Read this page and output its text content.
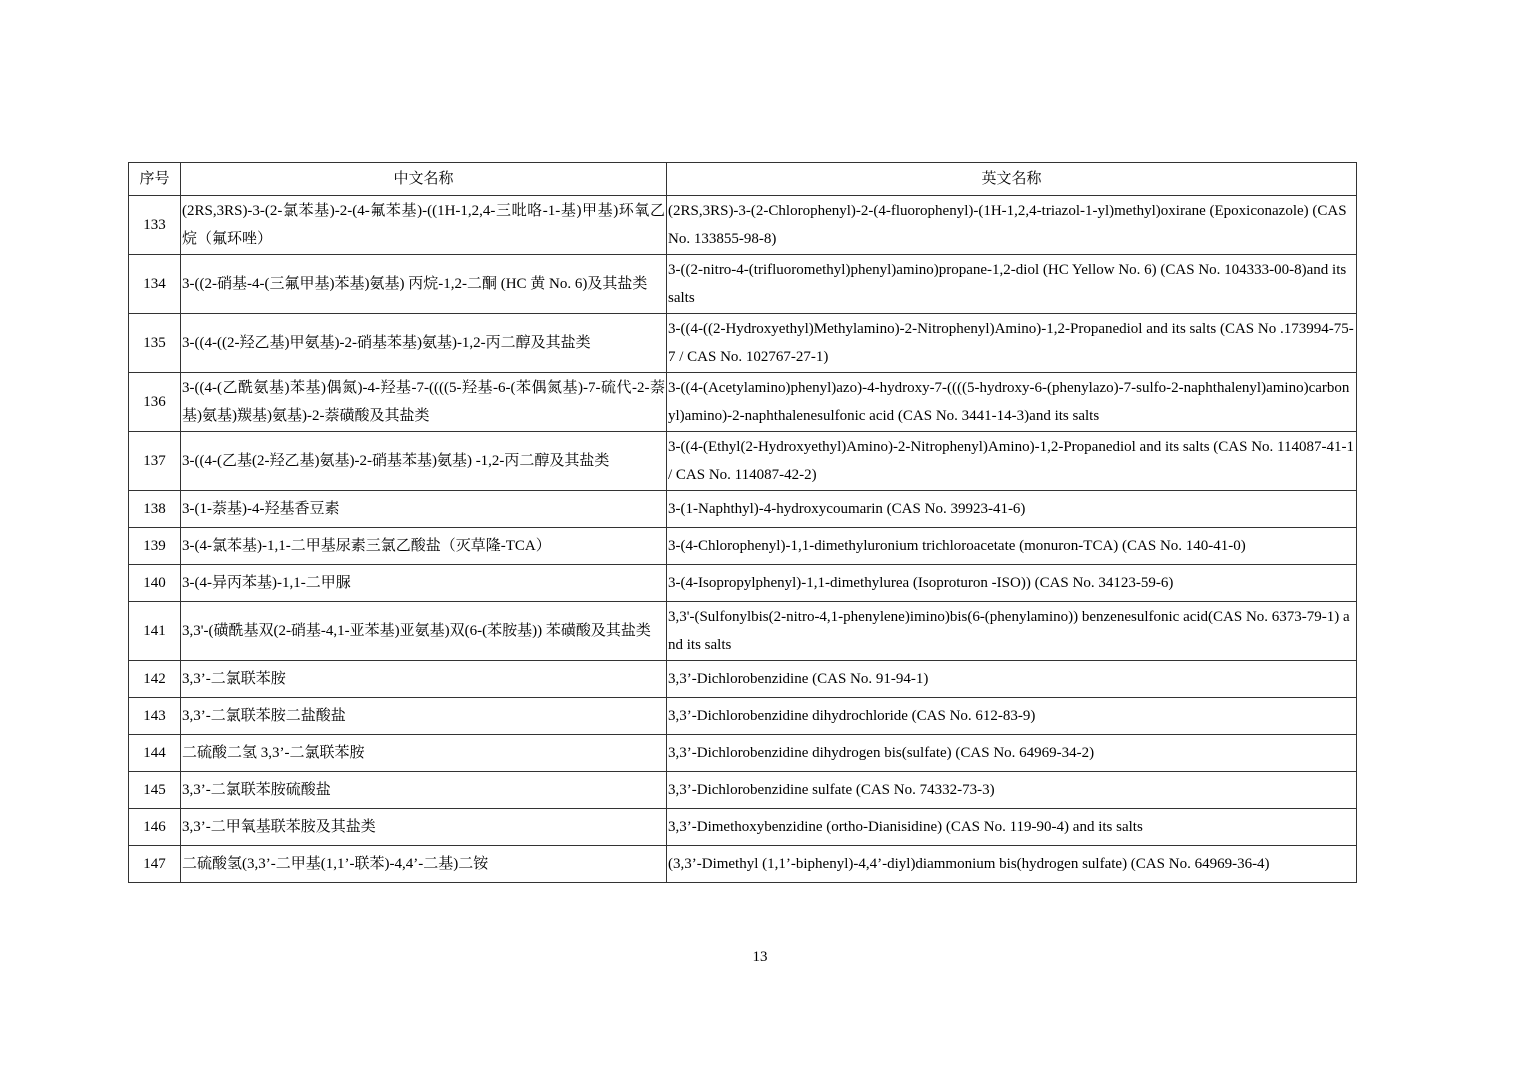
序号	中文名称	英文名称
133	(2RS,3RS)-3-(2-氯苯基)-2-(4-氟苯基)-((1H-1,2,4-三吡咯-1-基)甲基)环氧乙烷（氟环唑）	(2RS,3RS)-3-(2-Chlorophenyl)-2-(4-fluorophenyl)-(1H-1,2,4-triazol-1-yl)methyl)oxirane (Epoxiconazole) (CAS No. 133855-98-8)
134	3-((2-硝基-4-(三氟甲基)苯基)氨基) 丙烷-1,2-二酮 (HC 黄 No. 6)及其盐类	3-((2-nitro-4-(trifluoromethyl)phenyl)amino)propane-1,2-diol (HC Yellow No. 6) (CAS No. 104333-00-8)and its salts
135	3-((4-((2-羟乙基)甲氨基)-2-硝基苯基)氨基)-1,2-丙二醇及其盐类	3-((4-((2-Hydroxyethyl)Methylamino)-2-Nitrophenyl)Amino)-1,2-Propanediol and its salts (CAS No .173994-75-7 / CAS No. 102767-27-1)
136	3-((4-(乙酰氨基)苯基)偶氮)-4-羟基-7-((((5-羟基-6-(苯偶氮基)-7-硫代-2-萘基)氨基)羰基)氨基)-2-萘磺酸及其盐类	3-((4-(Acetylamino)phenyl)azo)-4-hydroxy-7-((((5-hydroxy-6-(phenylazo)-7-sulfo-2-naphthalenyl)amino)carbonyl)amino)-2-naphthalenesulfonic acid (CAS No. 3441-14-3)and its salts
137	3-((4-(乙基(2-羟乙基)氨基)-2-硝基苯基)氨基) -1,2-丙二醇及其盐类	3-((4-(Ethyl(2-Hydroxyethyl)Amino)-2-Nitrophenyl)Amino)-1,2-Propanediol and its salts (CAS No. 114087-41-1 / CAS No. 114087-42-2)
138	3-(1-萘基)-4-羟基香豆素	3-(1-Naphthyl)-4-hydroxycoumarin (CAS No. 39923-41-6)
139	3-(4-氯苯基)-1,1-二甲基尿素三氯乙酸盐（灭草隆-TCA）	3-(4-Chlorophenyl)-1,1-dimethyluronium trichloroacetate (monuron-TCA) (CAS No. 140-41-0)
140	3-(4-异丙苯基)-1,1-二甲脲	3-(4-Isopropylphenyl)-1,1-dimethylurea (Isoproturon -ISO)) (CAS No. 34123-59-6)
141	3,3'-(磺酰基双(2-硝基-4,1-亚苯基)亚氨基)双(6-(苯胺基)) 苯磺酸及其盐类	3,3'-(Sulfonylbis(2-nitro-4,1-phenylene)imino)bis(6-(phenylamino)) benzenesulfonic acid(CAS No. 6373-79-1) and its salts
142	3,3’-二氯联苯胺	3,3’-Dichlorobenzidine (CAS No. 91-94-1)
143	3,3’-二氯联苯胺二盐酸盐	3,3’-Dichlorobenzidine dihydrochloride (CAS No. 612-83-9)
144	二硫酸二氢 3,3’-二氯联苯胺	3,3’-Dichlorobenzidine dihydrogen bis(sulfate) (CAS No. 64969-34-2)
145	3,3’-二氯联苯胺硫酸盐	3,3’-Dichlorobenzidine sulfate (CAS No. 74332-73-3)
146	3,3’-二甲氧基联苯胺及其盐类	3,3’-Dimethoxybenzidine (ortho-Dianisidine) (CAS No. 119-90-4) and its salts
147	二硫酸氢(3,3’-二甲基(1,1’-联苯)-4,4’-二基)二铵	(3,3’-Dimethyl (1,1’-biphenyl)-4,4’-diyl)diammonium bis(hydrogen sulfate) (CAS No. 64969-36-4)
13
